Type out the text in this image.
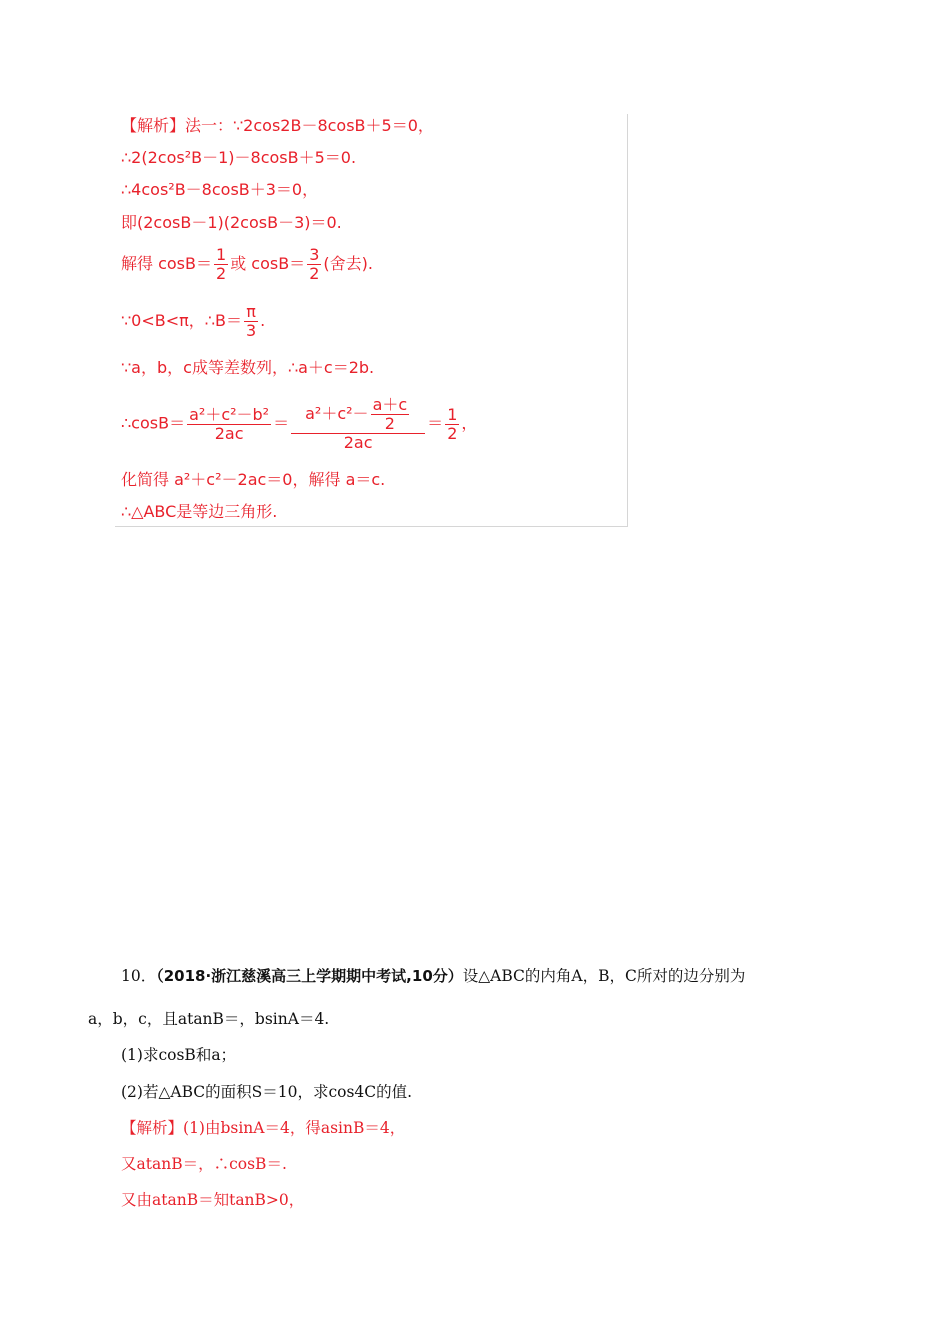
【解析】法一：∵2cos2B－8cosB＋5＝0，
∴2(2cos²B－1)－8cosB＋5＝0.
∴4cos²B－8cosB＋3＝0，
即(2cosB－1)(2cosB－3)＝0.
解得 $\cos B= \frac{1}{2}$ 或 $\cos B= \frac{3}{2}$ (舍去).
∵0<B<π，∴B＝ $\frac{\pi}{3}$ .
∵a，b，c成等差数列，∴a＋c＝2b.
∴cosB＝ $\frac{\text{a²＋c²－b²}}{2ac} = \frac{a^2+c^2- \frac{a+c}{2}}{2ac} = \frac{1}{2}$ ，
化简得 a²＋c²－2ac＝0，解得 a＝c.
∴△ABC是等边三角形.
10．（2018·浙江慈溪高三上学期期中考试,10分）设△ABC的内角A，B，C所对的边分别为
a，b，c，且atanB＝，bsinA＝4.
(1)求cosB和a；
(2)若△ABC的面积S＝10，求cos4C的值.
【解析】(1)由bsinA＝4，得asinB＝4，
又atanB＝，∴cosB＝.
又由atanB＝知tanB>0，
